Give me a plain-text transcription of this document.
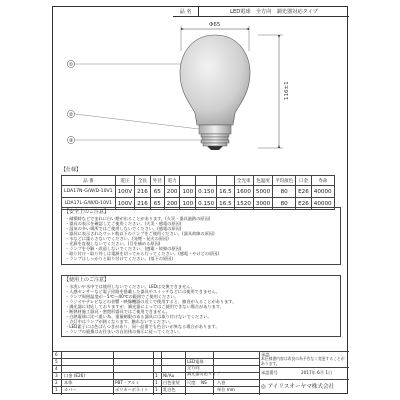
品 名	LED電球　全方向　調光器対応タイプ
Φ65
116±1
①
②
③
【仕様】
品 番	電圧	全長	外径	電力				全光束	色温度	平均演色	口金	寿命
LDA17N-G/W/D-10V1	100V	216	65	200	100	0.150	16.5	1600	5000	80	E26	40000
LDA17L-G/W/D-10V1	100V	216	65	200	100	0.150	16.5	1520	3000	80	E26	40000
【安全上のご注意】
・破損時などでまれに白い煙が出ることがあります。(火災・器具過熱の原因)
・器具の表示を確認してご使用ください。(火災・感電の原因)
・湿気の多い場所ではご使用しないでください。(感電の原因)
・器具に表示されたワット数以下のランプをご使用ください。(器具故障の原因)
・水などに濡らさないでください。(発煙・発火の原因)
・光源を直視しないでください。(目を痛める原因)
・ランプを分解・改造しないでください。(感電・故障の原因)
・取り付け・取り外しは電源を切ってから行ってください。(感電・やけどの原因)
・ランプはしっかりと取り付けてください。(落下の原因)
【使用上のご注意】
・水洗いや水中では使用しないでください。LEDは交換できません。
・人感センサーなど電子回路を搭載した器具やスイッチなどには使用できません。
・ランプ周囲温度が－5℃～40℃の範囲でご使用ください。
・ラジオやテレビなどの音響・映像機器の近くで使用すると、雑音が入ることがあります。
・調光器に対応しておりますが、調光器によってはご使用できない場合があります。
・断熱材施工器具・密閉形器具ではご使用できません。
・白熱電球に比べ重い為、重量制限のある器具には取り付けないでください。
・点灯中はランプが熱くなります。触れないでください。
・LED素子には色ばらつきがあり、同一品番でも色合いが異なる場合があります。
・ランプの廃棄はお住まいの自治体の指示に従ってください。
6
5
4
3 口金 (E26)	1 Ni/Au
2 本体	PBT・アルミ	1 白色塗装
1 カバー	ポリカーボネイト 1 乳白色
LED電球
全方向
調光器対応タイプ
尺度 NS 八巻
単位 mm
承認
本仕様書内容は改良の為予告なく変更することがあります。
承認番号	2017年 6月 1日
◎ アイリスオーヤマ株式会社
